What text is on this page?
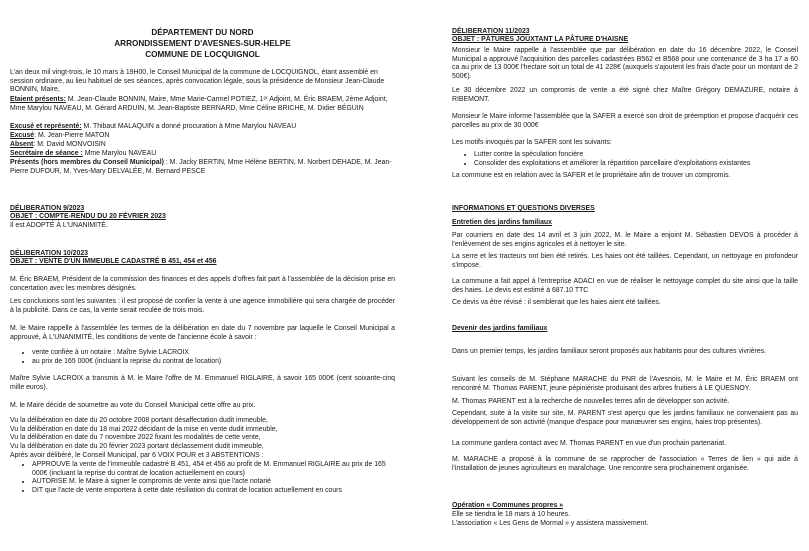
DÉPARTEMENT DU NORD
ARRONDISSEMENT D'AVESNES-SUR-HELPE
COMMUNE DE LOCQUIGNOL
L'an deux mil vingt-trois, le 10 mars à 19H00, le Conseil Municipal de la commune de LOCQUIGNOL, étant assemblé en session ordinaire, au lieu habituel de ses séances, après convocation légale, sous la présidence de Monsieur Jean-Claude BONNIN, Maire,
Etaient présents: M. Jean-Claude BONNIN, Maire, Mme Marie-Carmel POTIEZ, 1ᵉʳ Adjoint, M. Éric BRAEM, 2ème Adjoint, Mme Marylou NAVEAU, M. Gérard ARDUIN, M. Jean-Baptiste BERNARD, Mme Céline BRICHE, M. Didier BÉGUIN
Excusé et représenté: M. Thibaut MALAQUIN a donné procuration à Mme Marylou NAVEAU
Excusé: M. Jean-Pierre MATON
Absent: M. David MONVOISIN
Secrétaire de séance : Mme Marylou NAVEAU
Présents (hors membres du Conseil Municipal) : M. Jacky BERTIN, Mme Hélène BERTIN, M. Norbert DEHADE, M. Jean-Pierre DUFOUR, M. Yves-Mary DELVALÉE, M. Bernard PESCE
DÉLIBERATION 9/2023
OBJET : COMPTE-RENDU DU 20 FÉVRIER 2023
Il est ADOPTÉ À L'UNANIMITÉ.
DÉLIBERATION 10/2023
OBJET : VENTE D'UN IMMEUBLE CADASTRÉ B 451, 454 et 456
M. Éric BRAEM, Président de la commission des finances et des appels d'offres fait part à l'assemblée de la décision prise en concertation avec les membres désignés.
Les conclusions sont les suivantes : il est proposé de confier la vente à une agence immobilière qui sera chargée de procéder à la publicité. Dans ce cas, la vente serait reculée de trois mois.
M. le Maire rappelle à l'assemblée les termes de la délibération en date du 7 novembre par laquelle le Conseil Municipal a approuvé, À L'UNANIMITÉ, les conditions de vente de l'ancienne école à savoir :
• vente confiée à un notaire : Maître Sylvie LACROIX
• au prix de 165 000€ (incluant la reprise du contrat de location)
Maître Sylvie LACROIX a transmis à M. le Maire l'offre de M. Emmanuel RIGLAIRE, à savoir 165 000€ (cent soixante-cinq mille euros).
M. le Maire décide de soumettre au vote du Conseil Municipal cette offre au prix.
Vu la délibération en date du 20 octobre 2008 portant désaffectation dudit immeuble,
Vu la délibération en date du 18 mai 2022 décidant de la mise en vente dudit immeuble,
Vu la délibération en date du 7 novembre 2022 fixant les modalités de cette vente,
Vu la délibération en date du 20 février 2023 portant déclassement dudit immeuble,
Après avoir délibéré, le Conseil Municipal, par 6 VOIX POUR et 3 ABSTENTIONS :
• APPROUVE la vente de l'immeuble cadastré B 451, 454 et 456 au profit de M. Emmanuel RIGLAIRE au prix de 165 000€ (incluant la reprise du contrat de location actuellement en cours)
• AUTORISE M. le Maire à signer le compromis de vente ainsi que l'acte notarié
• DIT que l'acte de vente emportera à cette date résiliation du contrat de location actuellement en cours
DÉLIBERATION 11/2023
OBJET : PÂTURES JOUXTANT LA PÂTURE D'HAISNE
Monsieur le Maire rappelle à l'assemblée que par délibération en date du 16 décembre 2022, le Conseil Municipal a approuvé l'acquisition des parcelles cadastrées B562 et B568 pour une contenance de 3 ha 17 a 60 ca au prix de 13 000€ l'hectare soit un total de 41 228€ (auxquels s'ajoutent les frais d'acte pour un montant de 2 500€).
Le 30 décembre 2022 un compromis de vente a été signé chez Maître Grégory DEMAZURE, notaire à RIBEMONT.
Monsieur le Maire informe l'assemblée que la SAFER a exercé son droit de préemption et propose d'acquérir ces parcelles au prix de 30 000€
Les motifs invoqués par la SAFER sont les suivants:
• Lutter contre la spéculation foncière
• Consolider des exploitations et améliorer la répartition parcellaire d'exploitations existantes
La commune est en relation avec la SAFER et le propriétaire afin de trouver un compromis.
INFORMATIONS ET QUESTIONS DIVERSES
Entretien des jardins familiaux
Par courriers en date des 14 avril et 3 juin 2022, M. le Maire a enjoint M. Sébastien DEVOS à procéder à l'enlèvement de ses engins agricoles et à nettoyer le site.
La serre et les tracteurs ont bien été retirés. Les haies ont été taillées. Cependant, un nettoyage en profondeur s'impose.
La commune a fait appel à l'entreprise ADACI en vue de réaliser le nettoyage complet du site ainsi que la taille des haies. Le devis est estimé à 687.10 TTC
Ce devis va être révisé : il semblerait que les haies aient été taillées.
Devenir des jardins familiaux
Dans un premier temps, les jardins familiaux seront proposés aux habitants pour des cultures vivrières.
Suivant les conseils de M. Stéphane MARACHE du PNR de l'Avesnois, M. le Maire et M. Éric BRAEM ont rencontré M. Thomas PARENT, jeune pépiniériste produisant des arbres fruitiers à LE QUESNOY.
M. Thomas PARENT est à la recherche de nouvelles terres afin de développer son activité.
Cependant, suite à la visite sur site, M. PARENT s'est aperçu que les jardins familiaux ne convenaient pas au développement de son activité (manque d'espace pour manœuvrer ses engins, haies trop présentes).
La commune gardera contact avec M. Thomas PARENT en vue d'un prochain partenariat.
M. MARACHE a proposé à la commune de se rapprocher de l'association « Terres de lien » qui aide à l'installation de jeunes agriculteurs en maraîchage. Une rencontre sera prochainement organisée.
Opération « Communes propres »
Elle se tiendra le 18 mars à 10 heures.
L'association « Les Gens de Mormal » y assistera massivement.
